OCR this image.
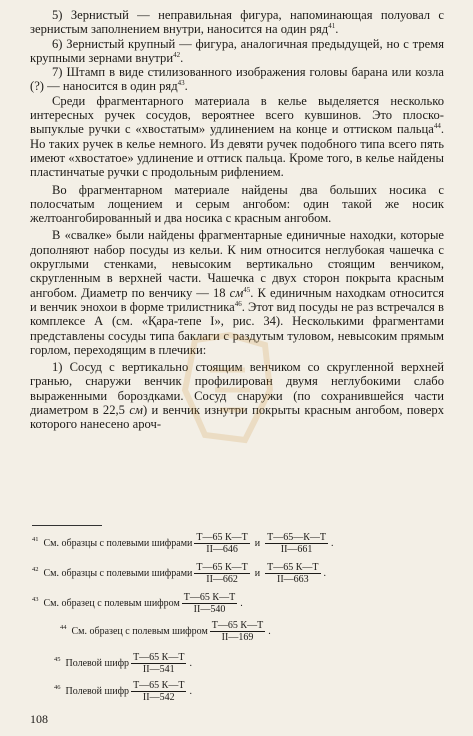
5) Зернистый — неправильная фигура, напоминающая полуовал с зернистым заполнением внутри, наносится на один ряд$^{41}$.

6) Зернистый крупный — фигура, аналогичная предыдущей, но с тремя крупными зернами внутри$^{42}$.

7) Штамп в виде стилизованного изображения головы барана или козла (?) — наносится в один ряд$^{43}$.

Среди фрагментарного материала в келье выделяется несколько интересных ручек сосудов, вероятнее всего кувшинов. Это плоско-выпуклые ручки с «хвостатым» удлинением на конце и оттиском пальца$^{44}$. Но таких ручек в келье немного. Из девяти ручек подобного типа всего пять имеют «хвостатое» удлинение и оттиск пальца. Кроме того, в келье найдены пластинчатые ручки с продольным рифлением.

Во фрагментарном материале найдены два больших носика с полосчатым лощением и серым ангобом: один такой же носик желтоангобированный и два носика с красным ангобом.

В «свалке» были найдены фрагментарные единичные находки, которые дополняют набор посуды из кельи. К ним относится неглубокая чашечка с округлыми стенками, невысоким вертикально стоящим венчиком, скругленным в верхней части. Чашечка с двух сторон покрыта красным ангобом. Диаметр по венчику — 18 $см^{45}$. К единичным находкам относится и венчик энохои в форме трилистника$^{46}$. Этот вид посуды не раз встречался в комплексе А (см. «Қара-тепе I», рис. 34). Несколькими фрагментами представлены сосуды типа баклаги с раздутым туловом, невысоким прямым горлом, переходящим в плечики:

1) Сосуд с вертикально стоящим венчиком со скругленной верхней гранью, снаружи венчик профилирован двумя неглубокими слабо выраженными бороздками. Сосуд снаружи (по сохранившейся части диаметром в 22,5 см) и венчик изнутри покрыты красным ангобом, поверх которого нанесено ароч-

41 См. образцы с полевыми шифрами $\frac{Т—65 К—Т}{II—646}$ и $\frac{Т—65—К—Т}{II—661}$ .
42 См. образцы с полевыми шифрами $\frac{Т—65 К—Т}{II—662}$ и $\frac{Т—65 К—Т}{II—663}$ .
43 См. образец с полевым шифром $\frac{Т—65 К—Т}{II—540}$ .
44 См. образец с полевым шифром $\frac{Т—65 К—Т}{II—169}$ .
45 Полевой шифр $\frac{Т—65 К—Т}{II—541}$ .
46 Полевой шифр $\frac{Т—65 К—Т}{II—542}$ .
108
